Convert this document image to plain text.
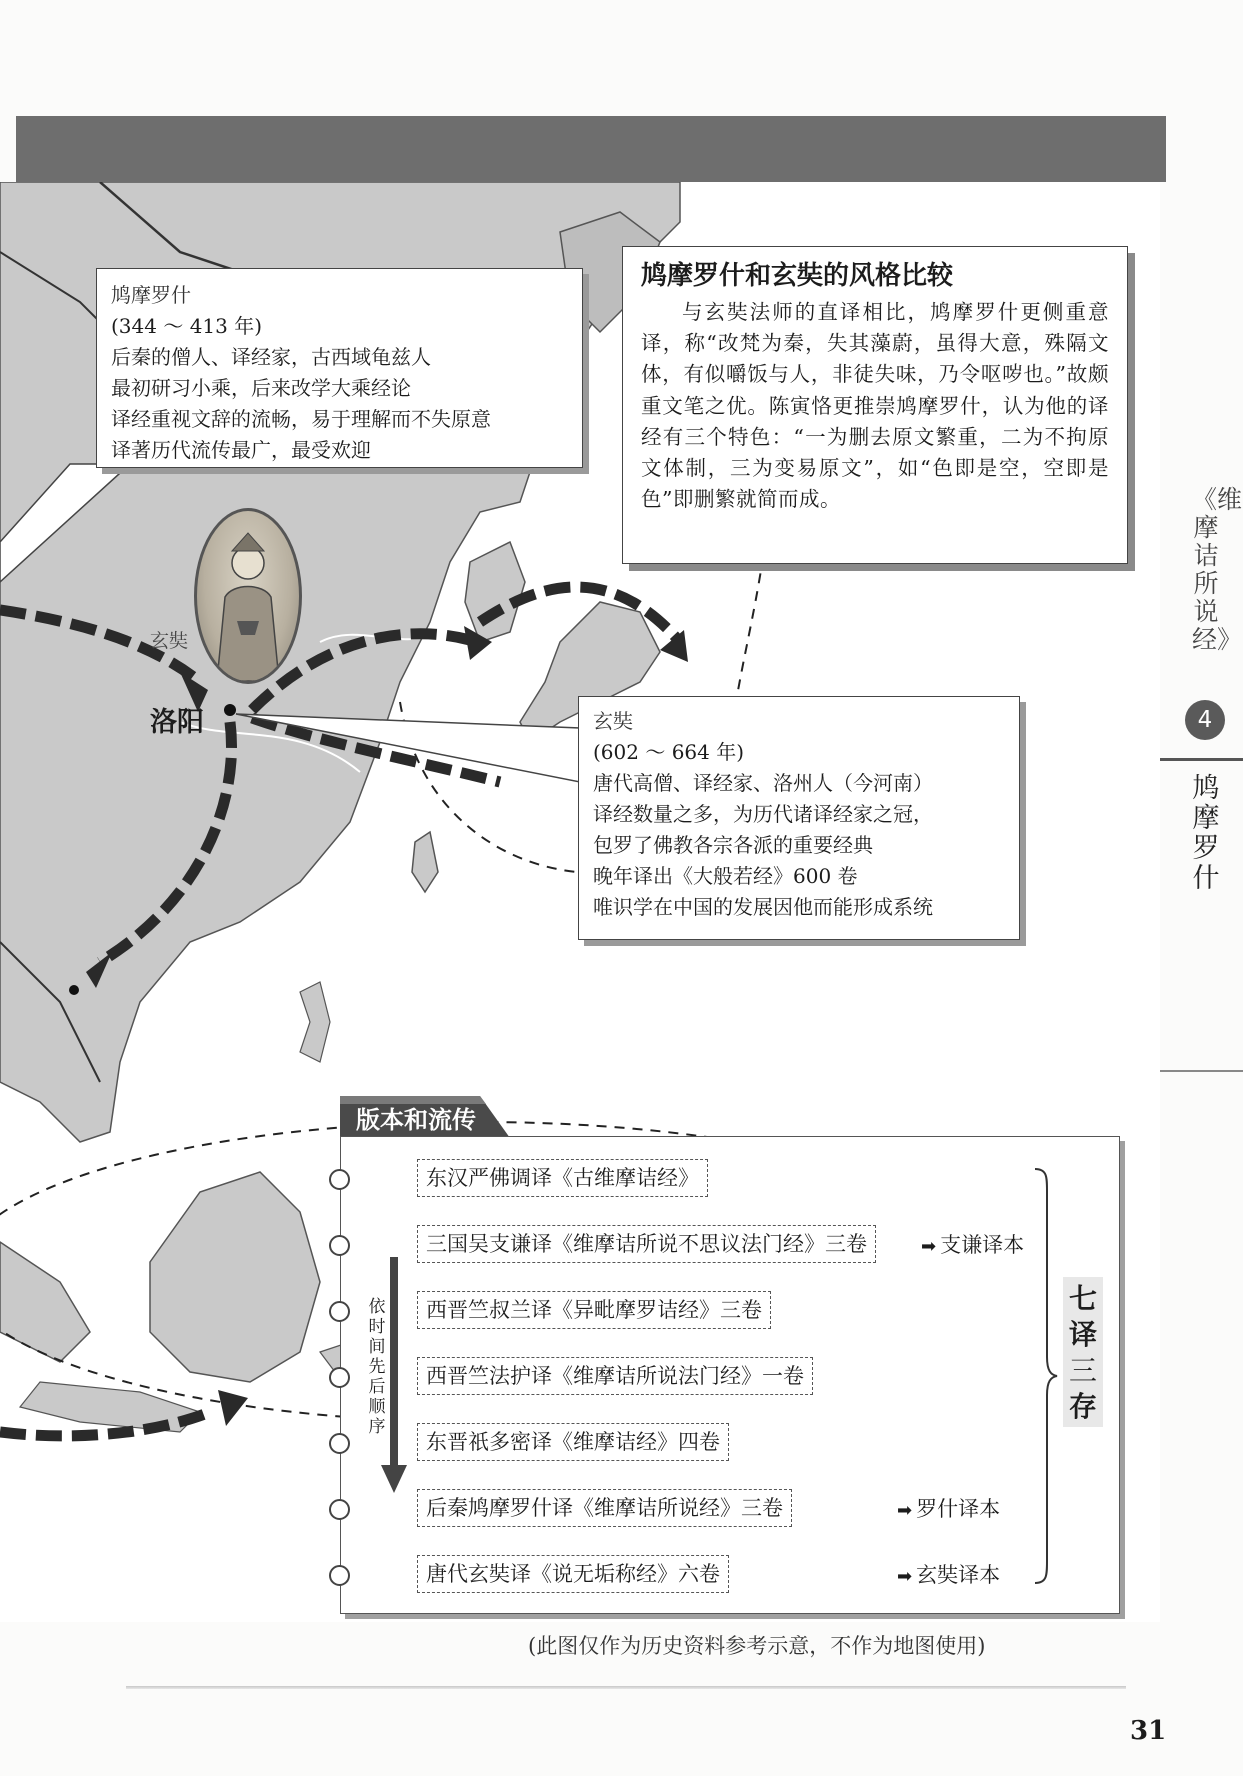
玄奘
洛阳
鸠摩罗什
(344 ～ 413 年)
后秦的僧人、译经家，古西域龟兹人
最初研习小乘，后来改学大乘经论
译经重视文辞的流畅，易于理解而不失原意
译著历代流传最广，最受欢迎
鸠摩罗什和玄奘的风格比较
与玄奘法师的直译相比，鸠摩罗什更侧重意译，称“改梵为秦，失其藻蔚，虽得大意，殊隔文体，有似嚼饭与人，非徒失味，乃令呕哕也。”故颇重文笔之优。陈寅恪更推崇鸠摩罗什，认为他的译经有三个特色：“一为删去原文繁重，二为不拘原文体制，三为变易原文”，如“色即是空，空即是色”即删繁就简而成。
玄奘
(602 ～ 664 年)
唐代高僧、译经家、洛州人（今河南）
译经数量之多，为历代诸译经家之冠，
包罗了佛教各宗各派的重要经典
晚年译出《大般若经》600 卷
唯识学在中国的发展因他而能形成系统
《维摩诘所说经》
4
鸠摩罗什
版本和流传
依时间先后顺序
东汉严佛调译《古维摩诘经》
三国吴支谦译《维摩诘所说不思议法门经》三卷	➡ 支谦译本
西晋竺叔兰译《异毗摩罗诘经》三卷
西晋竺法护译《维摩诘所说法门经》一卷
东晋祇多密译《维摩诘经》四卷
后秦鸠摩罗什译《维摩诘所说经》三卷	➡ 罗什译本
唐代玄奘译《说无垢称经》六卷	➡ 玄奘译本
七
译
三
存
(此图仅作为历史资料参考示意，不作为地图使用)
31
